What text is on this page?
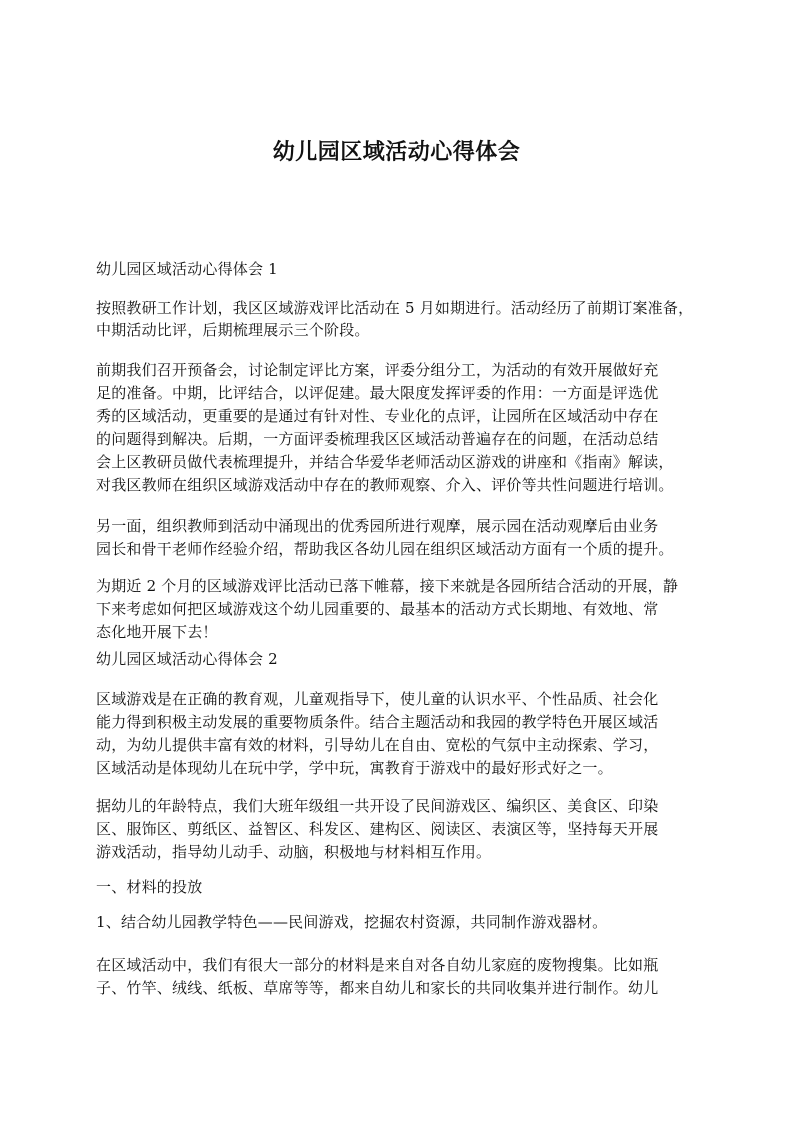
幼儿园区域活动心得体会
幼儿园区域活动心得体会 1
按照教研工作计划，我区区域游戏评比活动在 5 月如期进行。活动经历了前期订案准备，
中期活动比评，后期梳理展示三个阶段。
前期我们召开预备会，讨论制定评比方案，评委分组分工，为活动的有效开展做好充
足的准备。中期，比评结合，以评促建。最大限度发挥评委的作用：一方面是评选优
秀的区域活动，更重要的是通过有针对性、专业化的点评，让园所在区域活动中存在
的问题得到解决。后期，一方面评委梳理我区区域活动普遍存在的问题，在活动总结
会上区教研员做代表梳理提升，并结合华爱华老师活动区游戏的讲座和《指南》解读，
对我区教师在组织区域游戏活动中存在的教师观察、介入、评价等共性问题进行培训。
另一面，组织教师到活动中涌现出的优秀园所进行观摩，展示园在活动观摩后由业务
园长和骨干老师作经验介绍，帮助我区各幼儿园在组织区域活动方面有一个质的提升。
为期近 2 个月的区域游戏评比活动已落下帷幕，接下来就是各园所结合活动的开展，静
下来考虑如何把区域游戏这个幼儿园重要的、最基本的活动方式长期地、有效地、常
态化地开展下去！
幼儿园区域活动心得体会 2
区域游戏是在正确的教育观，儿童观指导下，使儿童的认识水平、个性品质、社会化
能力得到积极主动发展的重要物质条件。结合主题活动和我园的教学特色开展区域活
动，为幼儿提供丰富有效的材料，引导幼儿在自由、宽松的气氛中主动探索、学习，
区域活动是体现幼儿在玩中学，学中玩，寓教育于游戏中的最好形式好之一。
据幼儿的年龄特点，我们大班年级组一共开设了民间游戏区、编织区、美食区、印染
区、服饰区、剪纸区、益智区、科发区、建构区、阅读区、表演区等，坚持每天开展
游戏活动，指导幼儿动手、动脑，积极地与材料相互作用。
一、材料的投放
1、结合幼儿园教学特色——民间游戏，挖掘农村资源，共同制作游戏器材。
在区域活动中，我们有很大一部分的材料是来自对各自幼儿家庭的废物搜集。比如瓶
子、竹竿、绒线、纸板、草席等等，都来自幼儿和家长的共同收集并进行制作。幼儿
